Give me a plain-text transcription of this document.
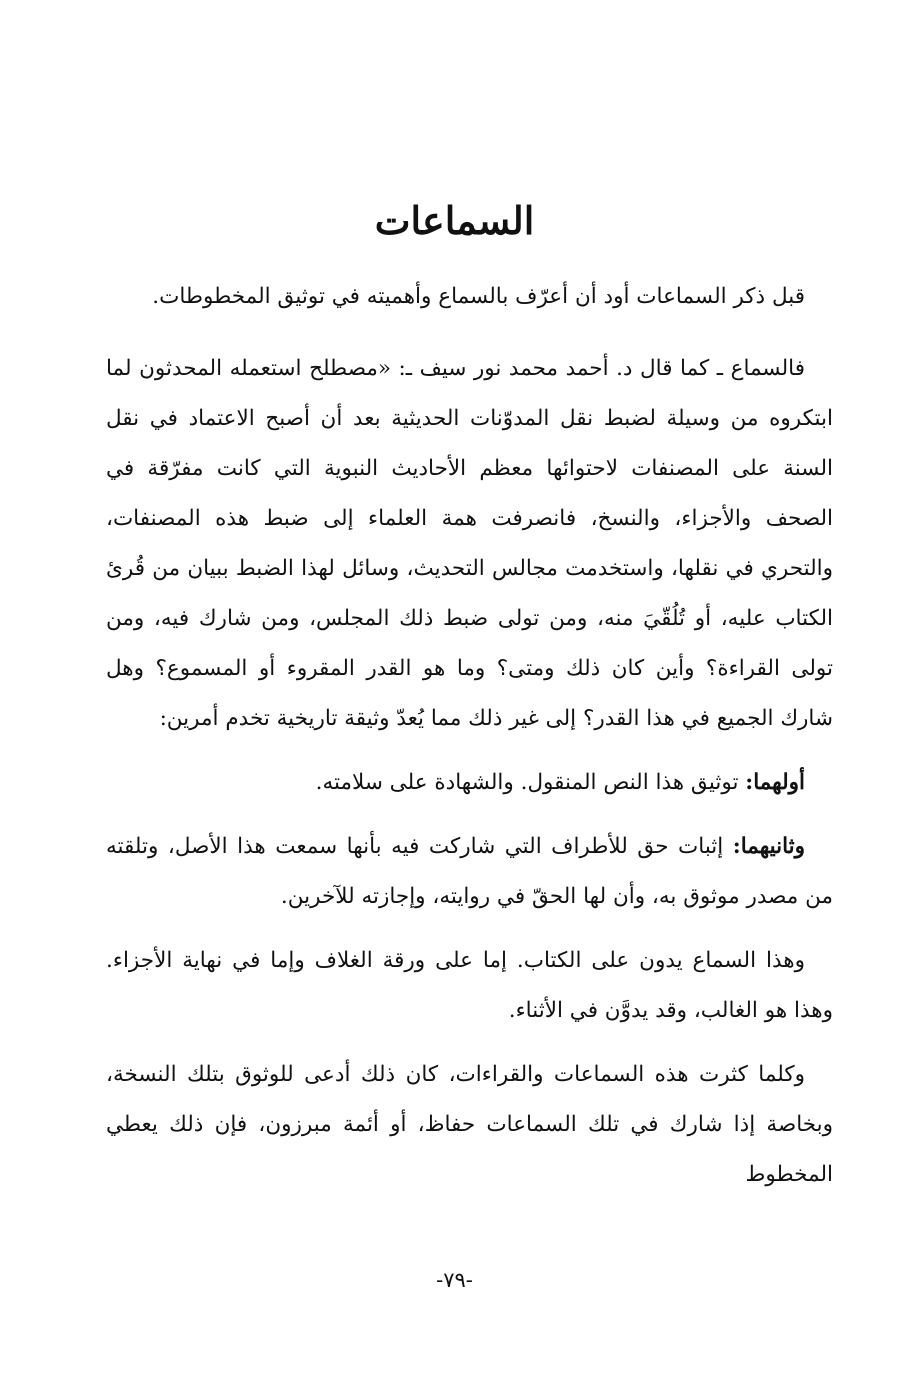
السماعات

قبل ذكر السماعات أود أن أعرّف بالسماع وأهميته في توثيق المخطوطات.

فالسماع ـ كما قال د. أحمد محمد نور سيف ـ: «مصطلح استعمله المحدثون لما ابتكروه من وسيلة لضبط نقل المدوّنات الحديثية بعد أن أصبح الاعتماد في نقل السنة على المصنفات لاحتوائها معظم الأحاديث النبوية التي كانت مفرّقة في الصحف والأجزاء، والنسخ، فانصرفت همة العلماء إلى ضبط هذه المصنفات، والتحري في نقلها، واستخدمت مجالس التحديث، وسائل لهذا الضبط ببيان من قُرئ الكتاب عليه، أو تُلُقّيَ منه، ومن تولى ضبط ذلك المجلس، ومن شارك فيه، ومن تولى القراءة؟ وأين كان ذلك ومتى؟ وما هو القدر المقروء أو المسموع؟ وهل شارك الجميع في هذا القدر؟ إلى غير ذلك مما يُعدّ وثيقة تاريخية تخدم أمرين:

أولهما: توثيق هذا النص المنقول. والشهادة على سلامته.

وثانيهما: إثبات حق للأطراف التي شاركت فيه بأنها سمعت هذا الأصل، وتلقته من مصدر موثوق به، وأن لها الحقّ في روايته، وإجازته للآخرين.

وهذا السماع يدون على الكتاب. إما على ورقة الغلاف وإما في نهاية الأجزاء. وهذا هو الغالب، وقد يدوَّن في الأثناء.

وكلما كثرت هذه السماعات والقراءات، كان ذلك أدعى للوثوق بتلك النسخة، وبخاصة إذا شارك في تلك السماعات حفاظ، أو أئمة مبرزون، فإن ذلك يعطي المخطوط

-٧٩-
